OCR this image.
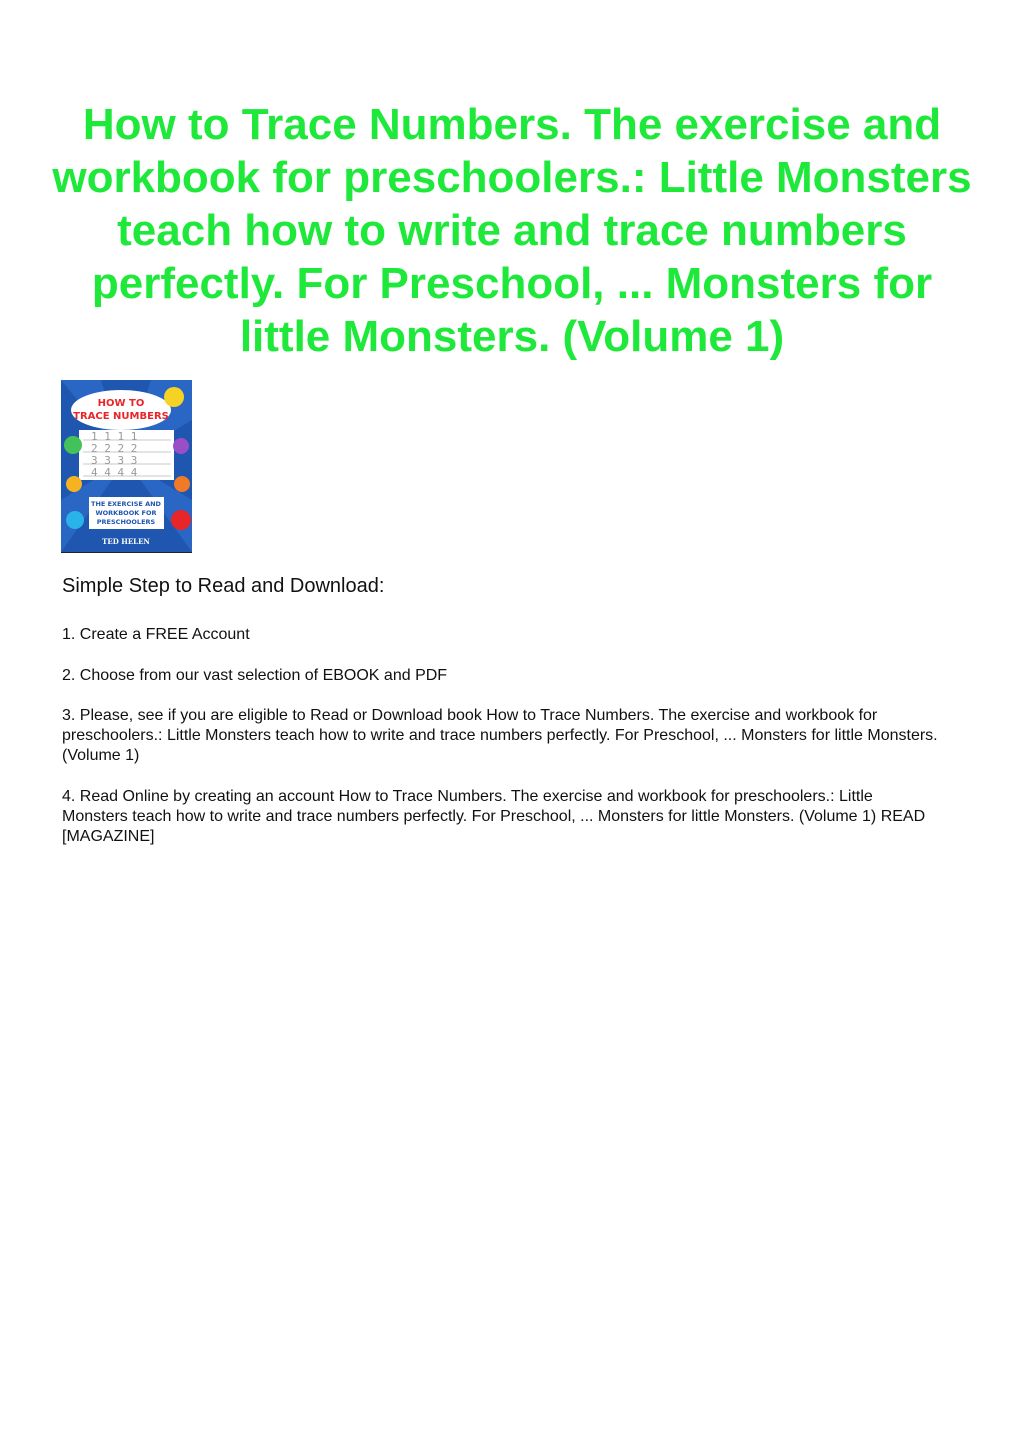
How to Trace Numbers. The exercise and workbook for preschoolers.: Little Monsters teach how to write and trace numbers perfectly. For Preschool, ... Monsters for little Monsters. (Volume 1)
HOW TO
TRACE NUMBERS
1 1 1 1
2 2 2 2
3 3 3 3
4 4 4 4
THE EXERCISE AND
WORKBOOK FOR
PRESCHOOLERS
TED HELEN
Simple Step to Read and Download:
1. Create a FREE Account
2. Choose from our vast selection of EBOOK and PDF
3. Please, see if you are eligible to Read or Download book How to Trace Numbers. The exercise and workbook for preschoolers.: Little Monsters teach how to write and trace numbers perfectly. For Preschool, ... Monsters for little Monsters. (Volume 1)
4. Read Online by creating an account How to Trace Numbers. The exercise and workbook for preschoolers.: Little Monsters teach how to write and trace numbers perfectly. For Preschool, ... Monsters for little Monsters. (Volume 1) READ [MAGAZINE]
